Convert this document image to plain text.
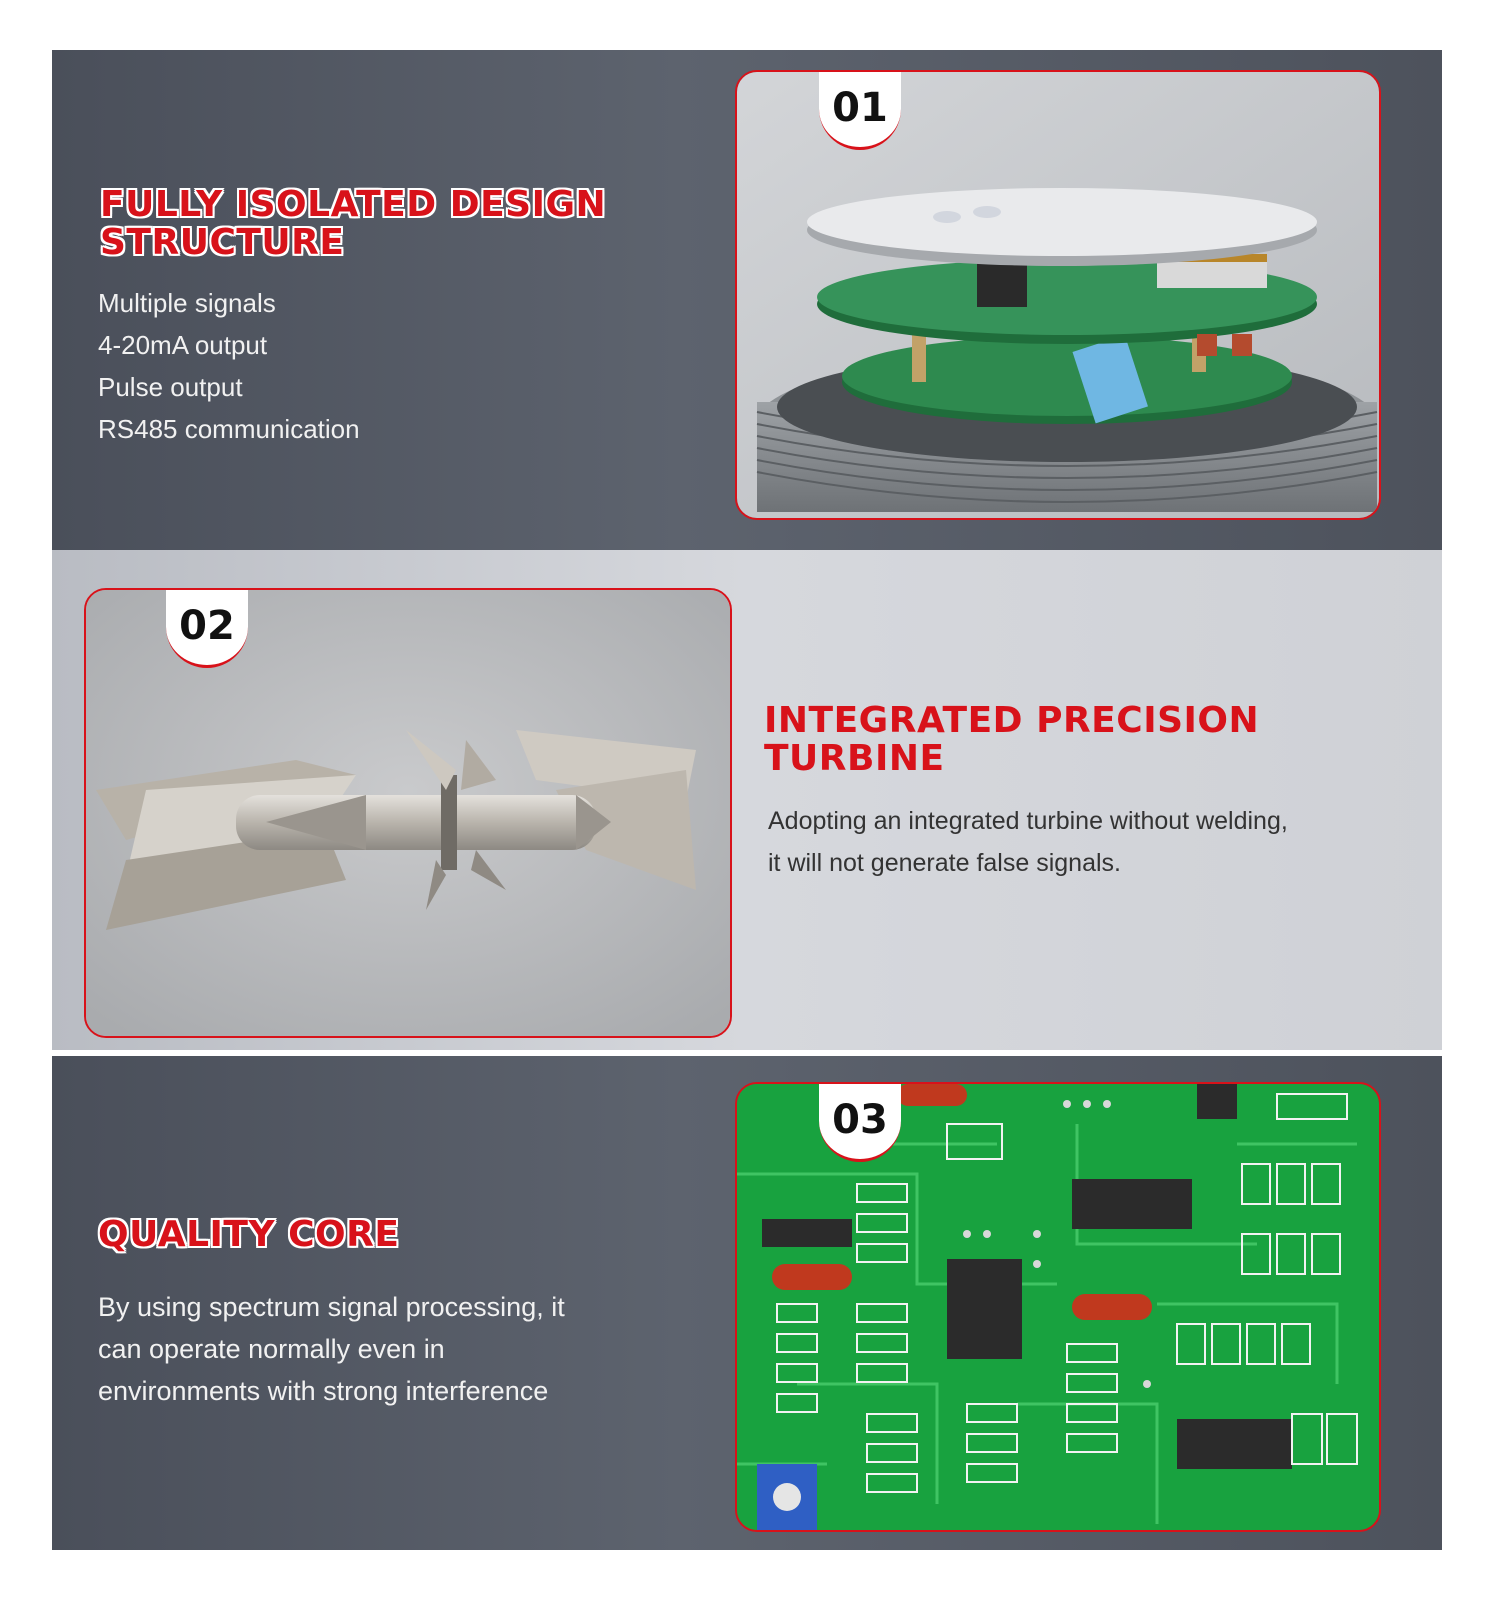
FULLY ISOLATED DESIGN
STRUCTURE
Multiple signals
4-20mA output
Pulse output
RS485 communication
01
02
INTEGRATED PRECISION
TURBINE
Adopting an integrated turbine without welding,
it will not generate false signals.
QUALITY CORE
By using spectrum signal processing, it
can operate normally even in
environments with strong interference
03
